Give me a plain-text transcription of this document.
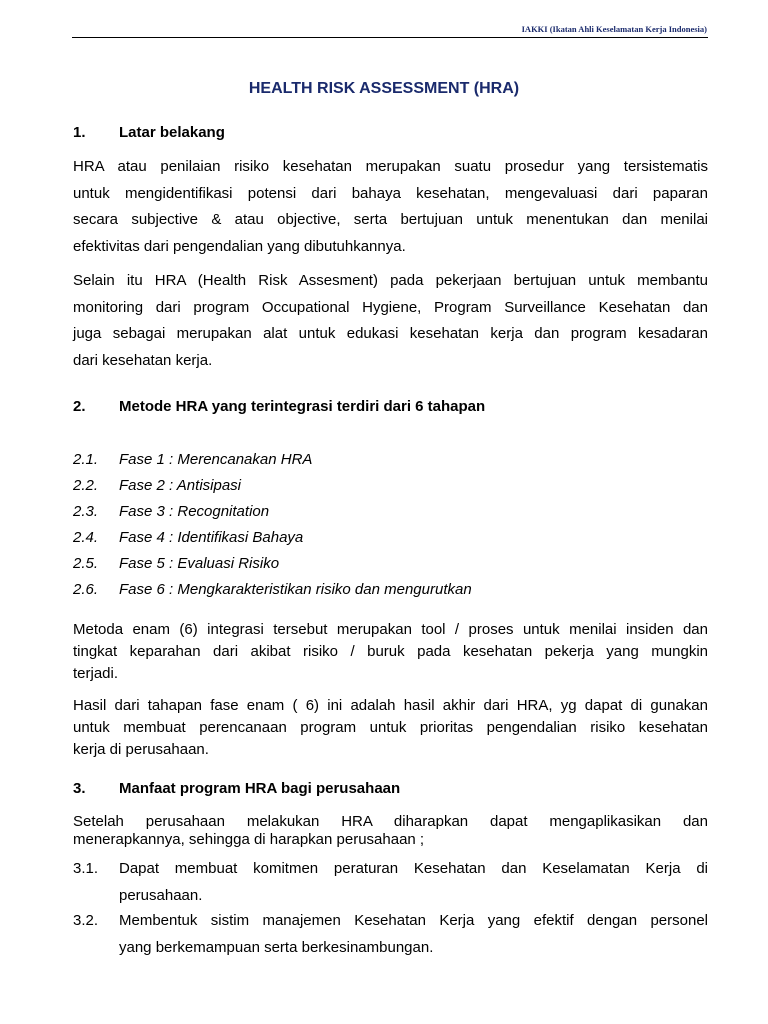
IAKKI (Ikatan Ahli Keselamatan Kerja Indonesia)
HEALTH RISK ASSESSMENT (HRA)
1. Latar belakang
HRA atau penilaian risiko kesehatan merupakan suatu prosedur yang tersistematis
untuk mengidentifikasi potensi dari bahaya kesehatan, mengevaluasi dari paparan
secara subjective & atau objective, serta bertujuan untuk menentukan dan menilai
efektivitas dari pengendalian yang dibutuhkannya.
Selain itu HRA (Health Risk Assesment) pada pekerjaan bertujuan untuk membantu
monitoring dari program Occupational Hygiene, Program Surveillance Kesehatan dan
juga sebagai merupakan alat untuk edukasi kesehatan kerja dan program kesadaran
dari kesehatan kerja.
2. Metode HRA yang terintegrasi terdiri dari 6 tahapan
2.1. Fase 1 : Merencanakan HRA
2.2. Fase 2 : Antisipasi
2.3. Fase 3 : Recognitation
2.4. Fase 4 : Identifikasi Bahaya
2.5. Fase 5 : Evaluasi Risiko
2.6. Fase 6 : Mengkarakteristikan risiko dan mengurutkan
Metoda enam (6) integrasi tersebut merupakan tool / proses untuk menilai insiden dan
tingkat keparahan dari akibat risiko / buruk pada kesehatan pekerja yang mungkin
terjadi.
Hasil dari tahapan fase enam ( 6) ini adalah hasil akhir dari HRA, yg dapat di gunakan
untuk membuat perencanaan program untuk prioritas pengendalian risiko kesehatan
kerja di perusahaan.
3. Manfaat program HRA bagi perusahaan
Setelah perusahaan melakukan HRA diharapkan dapat mengaplikasikan dan
menerapkannya, sehingga di harapkan perusahaan ;
3.1. Dapat membuat komitmen peraturan Kesehatan dan Keselamatan Kerja di
perusahaan.
3.2. Membentuk sistim manajemen Kesehatan Kerja yang efektif dengan personel
yang berkemampuan serta berkesinambungan.
